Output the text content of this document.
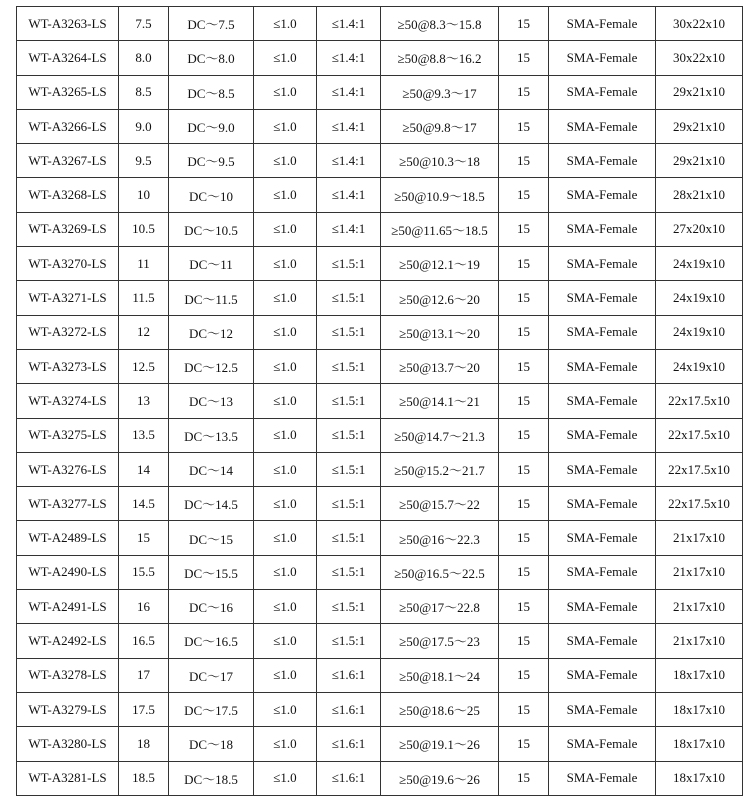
WT-A3263-LS	7.5	DC～7.5	≤1.0	≤1.4:1	≥50@8.3～15.8	15	SMA-Female	30x22x10
WT-A3264-LS	8.0	DC～8.0	≤1.0	≤1.4:1	≥50@8.8～16.2	15	SMA-Female	30x22x10
WT-A3265-LS	8.5	DC～8.5	≤1.0	≤1.4:1	≥50@9.3～17	15	SMA-Female	29x21x10
WT-A3266-LS	9.0	DC～9.0	≤1.0	≤1.4:1	≥50@9.8～17	15	SMA-Female	29x21x10
WT-A3267-LS	9.5	DC～9.5	≤1.0	≤1.4:1	≥50@10.3～18	15	SMA-Female	29x21x10
WT-A3268-LS	10	DC～10	≤1.0	≤1.4:1	≥50@10.9～18.5	15	SMA-Female	28x21x10
WT-A3269-LS	10.5	DC～10.5	≤1.0	≤1.4:1	≥50@11.65～18.5	15	SMA-Female	27x20x10
WT-A3270-LS	11	DC～11	≤1.0	≤1.5:1	≥50@12.1～19	15	SMA-Female	24x19x10
WT-A3271-LS	11.5	DC～11.5	≤1.0	≤1.5:1	≥50@12.6～20	15	SMA-Female	24x19x10
WT-A3272-LS	12	DC～12	≤1.0	≤1.5:1	≥50@13.1～20	15	SMA-Female	24x19x10
WT-A3273-LS	12.5	DC～12.5	≤1.0	≤1.5:1	≥50@13.7～20	15	SMA-Female	24x19x10
WT-A3274-LS	13	DC～13	≤1.0	≤1.5:1	≥50@14.1～21	15	SMA-Female	22x17.5x10
WT-A3275-LS	13.5	DC～13.5	≤1.0	≤1.5:1	≥50@14.7～21.3	15	SMA-Female	22x17.5x10
WT-A3276-LS	14	DC～14	≤1.0	≤1.5:1	≥50@15.2～21.7	15	SMA-Female	22x17.5x10
WT-A3277-LS	14.5	DC～14.5	≤1.0	≤1.5:1	≥50@15.7～22	15	SMA-Female	22x17.5x10
WT-A2489-LS	15	DC～15	≤1.0	≤1.5:1	≥50@16～22.3	15	SMA-Female	21x17x10
WT-A2490-LS	15.5	DC～15.5	≤1.0	≤1.5:1	≥50@16.5～22.5	15	SMA-Female	21x17x10
WT-A2491-LS	16	DC～16	≤1.0	≤1.5:1	≥50@17～22.8	15	SMA-Female	21x17x10
WT-A2492-LS	16.5	DC～16.5	≤1.0	≤1.5:1	≥50@17.5～23	15	SMA-Female	21x17x10
WT-A3278-LS	17	DC～17	≤1.0	≤1.6:1	≥50@18.1～24	15	SMA-Female	18x17x10
WT-A3279-LS	17.5	DC～17.5	≤1.0	≤1.6:1	≥50@18.6～25	15	SMA-Female	18x17x10
WT-A3280-LS	18	DC～18	≤1.0	≤1.6:1	≥50@19.1～26	15	SMA-Female	18x17x10
WT-A3281-LS	18.5	DC～18.5	≤1.0	≤1.6:1	≥50@19.6～26	15	SMA-Female	18x17x10
